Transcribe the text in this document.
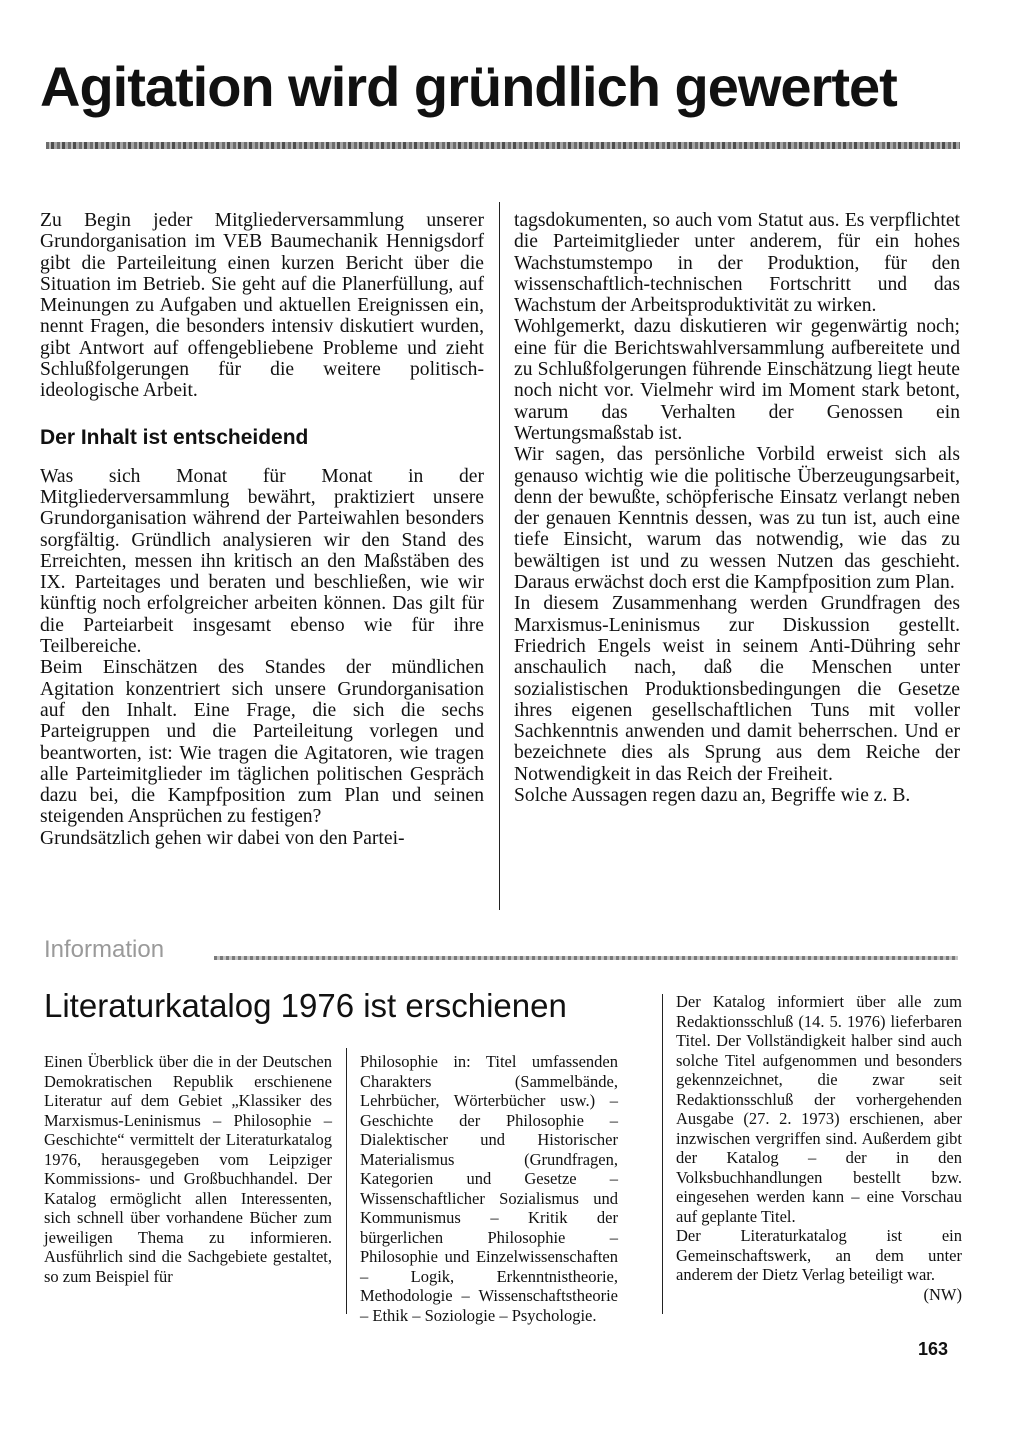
Agitation wird gründlich gewertet

Zu Begin jeder Mitgliederversammlung unserer Grundorganisation im VEB Baumechanik Hennigsdorf gibt die Parteileitung einen kurzen Bericht über die Situation im Betrieb. Sie geht auf die Planerfüllung, auf Meinungen zu Aufgaben und aktuellen Ereignissen ein, nennt Fragen, die besonders intensiv diskutiert wurden, gibt Antwort auf offengebliebene Probleme und zieht Schlußfolgerungen für die weitere politisch-ideologische Arbeit.

Der Inhalt ist entscheidend

Was sich Monat für Monat in der Mitgliederversammlung bewährt, praktiziert unsere Grundorganisation während der Parteiwahlen besonders sorgfältig. Gründlich analysieren wir den Stand des Erreichten, messen ihn kritisch an den Maßstäben des IX. Parteitages und beraten und beschließen, wie wir künftig noch erfolgreicher arbeiten können. Das gilt für die Parteiarbeit insgesamt ebenso wie für ihre Teilbereiche.

Beim Einschätzen des Standes der mündlichen Agitation konzentriert sich unsere Grundorganisation auf den Inhalt. Eine Frage, die sich die sechs Parteigruppen und die Parteileitung vorlegen und beantworten, ist: Wie tragen die Agitatoren, wie tragen alle Parteimitglieder im täglichen politischen Gespräch dazu bei, die Kampfposition zum Plan und seinen steigenden Ansprüchen zu festigen?

Grundsätzlich gehen wir dabei von den Partei-

tagsdokumenten, so auch vom Statut aus. Es verpflichtet die Parteimitglieder unter anderem, für ein hohes Wachstumstempo in der Produktion, für den wissenschaftlich-technischen Fortschritt und das Wachstum der Arbeitsproduktivität zu wirken.

Wohlgemerkt, dazu diskutieren wir gegenwärtig noch; eine für die Berichtswahlversammlung aufbereitete und zu Schlußfolgerungen führende Einschätzung liegt heute noch nicht vor. Vielmehr wird im Moment stark betont, warum das Verhalten der Genossen ein Wertungsmaßstab ist.

Wir sagen, das persönliche Vorbild erweist sich als genauso wichtig wie die politische Überzeugungsarbeit, denn der bewußte, schöpferische Einsatz verlangt neben der genauen Kenntnis dessen, was zu tun ist, auch eine tiefe Einsicht, warum das notwendig, wie das zu bewältigen ist und zu wessen Nutzen das geschieht. Daraus erwächst doch erst die Kampfposition zum Plan.

In diesem Zusammenhang werden Grundfragen des Marxismus-Leninismus zur Diskussion gestellt. Friedrich Engels weist in seinem Anti-Dühring sehr anschaulich nach, daß die Menschen unter sozialistischen Produktionsbedingungen die Gesetze ihres eigenen gesellschaftlichen Tuns mit voller Sachkenntnis anwenden und damit beherrschen. Und er bezeichnete dies als Sprung aus dem Reiche der Notwendigkeit in das Reich der Freiheit.

Solche Aussagen regen dazu an, Begriffe wie z. B.

Information
Literaturkatalog 1976 ist erschienen

Einen Überblick über die in der Deutschen Demokratischen Republik erschienene Literatur auf dem Gebiet „Klassiker des Marxismus-Leninismus – Philosophie – Geschichte“ vermittelt der Literaturkatalog 1976, herausgegeben vom Leipziger Kommissions- und Großbuchhandel. Der Katalog ermöglicht allen Interessenten, sich schnell über vorhandene Bücher zum jeweiligen Thema zu informieren. Ausführlich sind die Sachgebiete gestaltet, so zum Beispiel für

Philosophie in: Titel umfassenden Charakters (Sammelbände, Lehrbücher, Wörterbücher usw.) – Geschichte der Philosophie – Dialektischer und Historischer Materialismus (Grundfragen, Kategorien und Gesetze – Wissenschaftlicher Sozialismus und Kommunismus – Kritik der bürgerlichen Philosophie – Philosophie und Einzelwissenschaften – Logik, Erkenntnistheorie, Methodologie – Wissenschaftstheorie – Ethik – Soziologie – Psychologie.

Der Katalog informiert über alle zum Redaktionsschluß (14. 5. 1976) lieferbaren Titel. Der Vollständigkeit halber sind auch solche Titel aufgenommen und besonders gekennzeichnet, die zwar seit Redaktionsschluß der vorhergehenden Ausgabe (27. 2. 1973) erschienen, aber inzwischen vergriffen sind. Außerdem gibt der Katalog – der in den Volksbuchhandlungen bestellt bzw. eingesehen werden kann – eine Vorschau auf geplante Titel.

Der Literaturkatalog ist ein Gemeinschaftswerk, an dem unter anderem der Dietz Verlag beteiligt war.

(NW)

163
